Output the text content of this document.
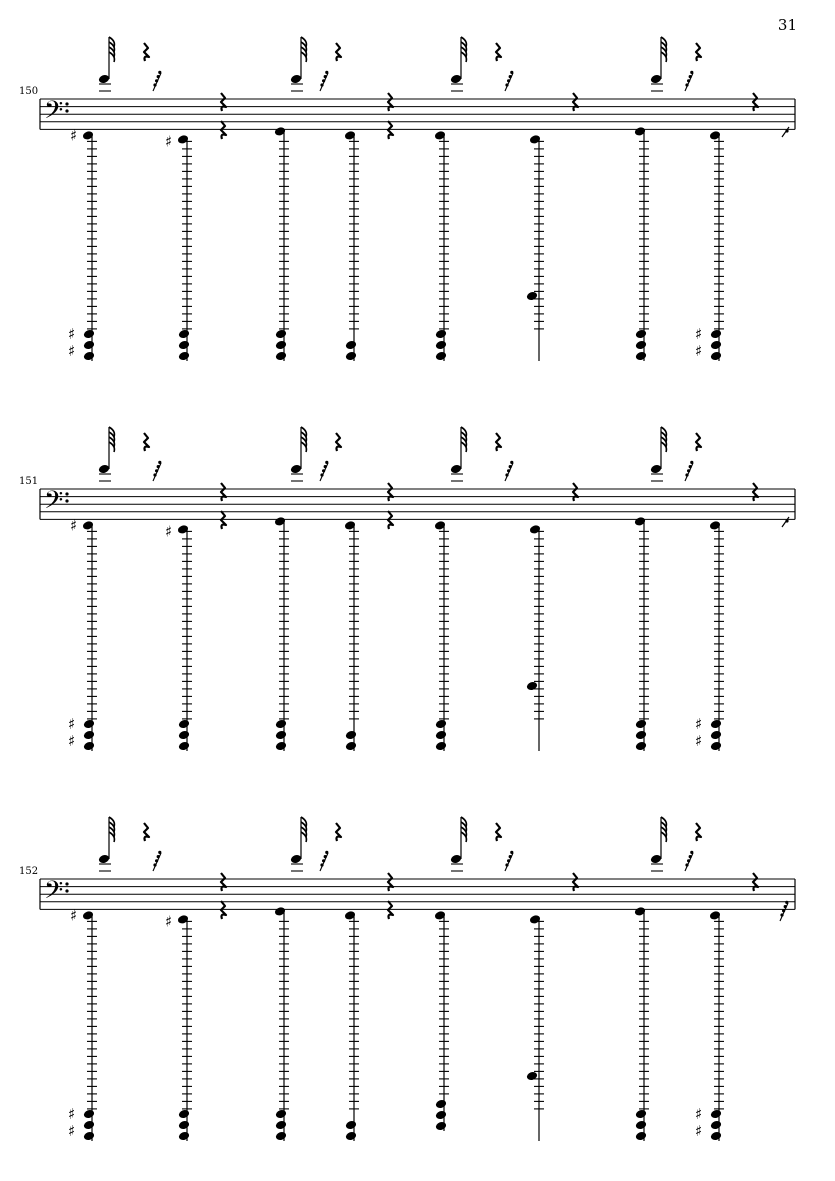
31
150
151
152
𝄢
♯
♯
♯
♯
♯
♯
𝄢
♯
♯
♯
♯
♯
♯
𝄢
♯
♯
♯
♯
♯
♯
